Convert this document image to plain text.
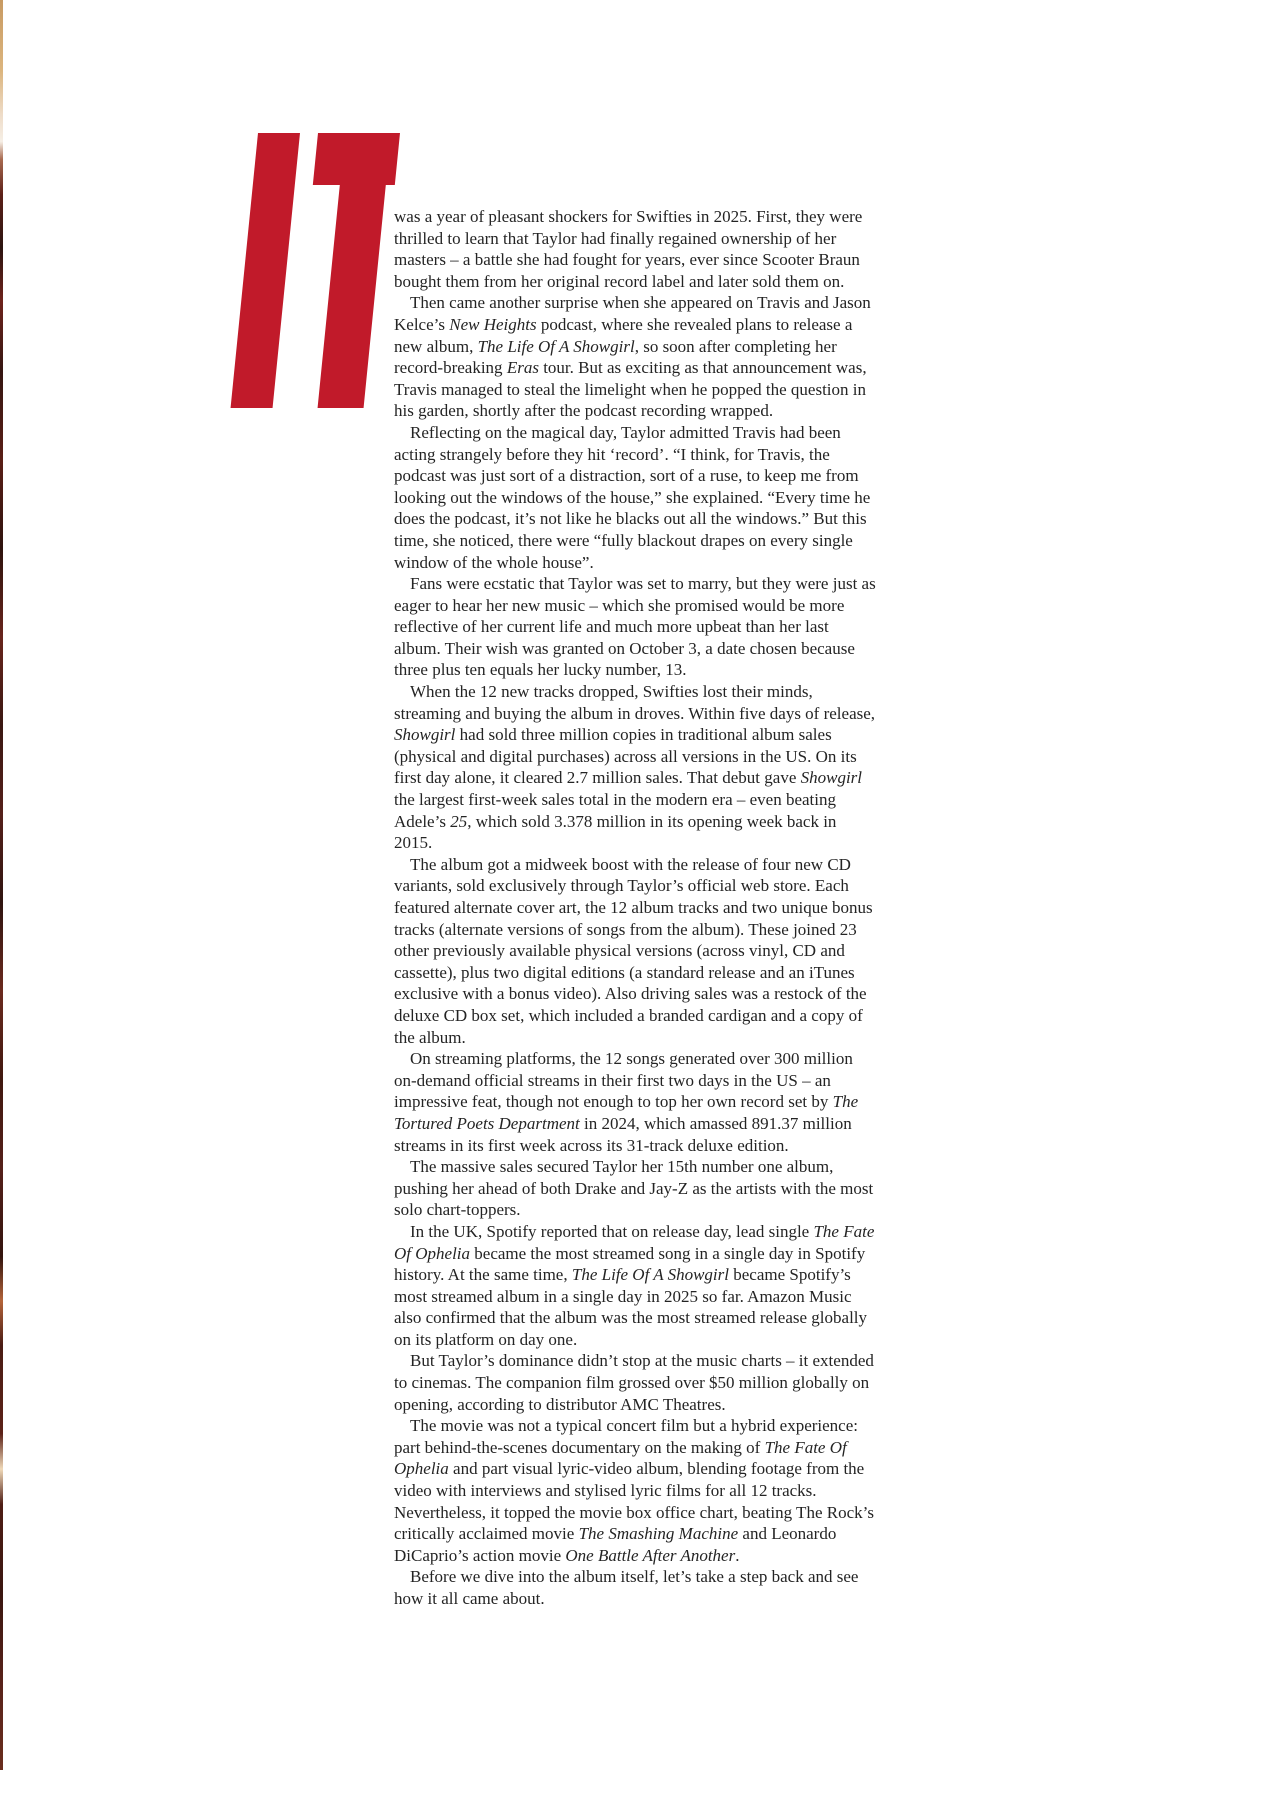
was a year of pleasant shockers for Swifties in 2025. First, they were thrilled to learn that Taylor had finally regained ownership of her masters – a battle she had fought for years, ever since Scooter Braun bought them from her original record label and later sold them on.

Then came another surprise when she appeared on Travis and Jason Kelce’s New Heights podcast, where she revealed plans to release a new album, The Life Of A Showgirl, so soon after completing her record-breaking Eras tour. But as exciting as that announcement was, Travis managed to steal the limelight when he popped the question in his garden, shortly after the podcast recording wrapped.

Reflecting on the magical day, Taylor admitted Travis had been acting strangely before they hit ‘record’. “I think, for Travis, the podcast was just sort of a distraction, sort of a ruse, to keep me from looking out the windows of the house,” she explained. “Every time he does the podcast, it’s not like he blacks out all the windows.” But this time, she noticed, there were “fully blackout drapes on every single window of the whole house”.

Fans were ecstatic that Taylor was set to marry, but they were just as eager to hear her new music – which she promised would be more reflective of her current life and much more upbeat than her last album. Their wish was granted on October 3, a date chosen because three plus ten equals her lucky number, 13.

When the 12 new tracks dropped, Swifties lost their minds, streaming and buying the album in droves. Within five days of release, Showgirl had sold three million copies in traditional album sales (physical and digital purchases) across all versions in the US. On its first day alone, it cleared 2.7 million sales. That debut gave Showgirl the largest first-week sales total in the modern era – even beating Adele’s 25, which sold 3.378 million in its opening week back in 2015.

The album got a midweek boost with the release of four new CD variants, sold exclusively through Taylor’s official web store. Each featured alternate cover art, the 12 album tracks and two unique bonus tracks (alternate versions of songs from the album). These joined 23 other previously available physical versions (across vinyl, CD and cassette), plus two digital editions (a standard release and an iTunes exclusive with a bonus video). Also driving sales was a restock of the deluxe CD box set, which included a branded cardigan and a copy of the album.

On streaming platforms, the 12 songs generated over 300 million on-demand official streams in their first two days in the US – an impressive feat, though not enough to top her own record set by The Tortured Poets Department in 2024, which amassed 891.37 million streams in its first week across its 31-track deluxe edition.

The massive sales secured Taylor her 15th number one album, pushing her ahead of both Drake and Jay-Z as the artists with the most solo chart-toppers.

In the UK, Spotify reported that on release day, lead single The Fate Of Ophelia became the most streamed song in a single day in Spotify history. At the same time, The Life Of A Showgirl became Spotify’s most streamed album in a single day in 2025 so far. Amazon Music also confirmed that the album was the most streamed release globally on its platform on day one.

But Taylor’s dominance didn’t stop at the music charts – it extended to cinemas. The companion film grossed over $50 million globally on opening, according to distributor AMC Theatres.

The movie was not a typical concert film but a hybrid experience: part behind-the-scenes documentary on the making of The Fate Of Ophelia and part visual lyric-video album, blending footage from the video with interviews and stylised lyric films for all 12 tracks. Nevertheless, it topped the movie box office chart, beating The Rock’s critically acclaimed movie The Smashing Machine and Leonardo DiCaprio’s action movie One Battle After Another.

Before we dive into the album itself, let’s take a step back and see how it all came about.
